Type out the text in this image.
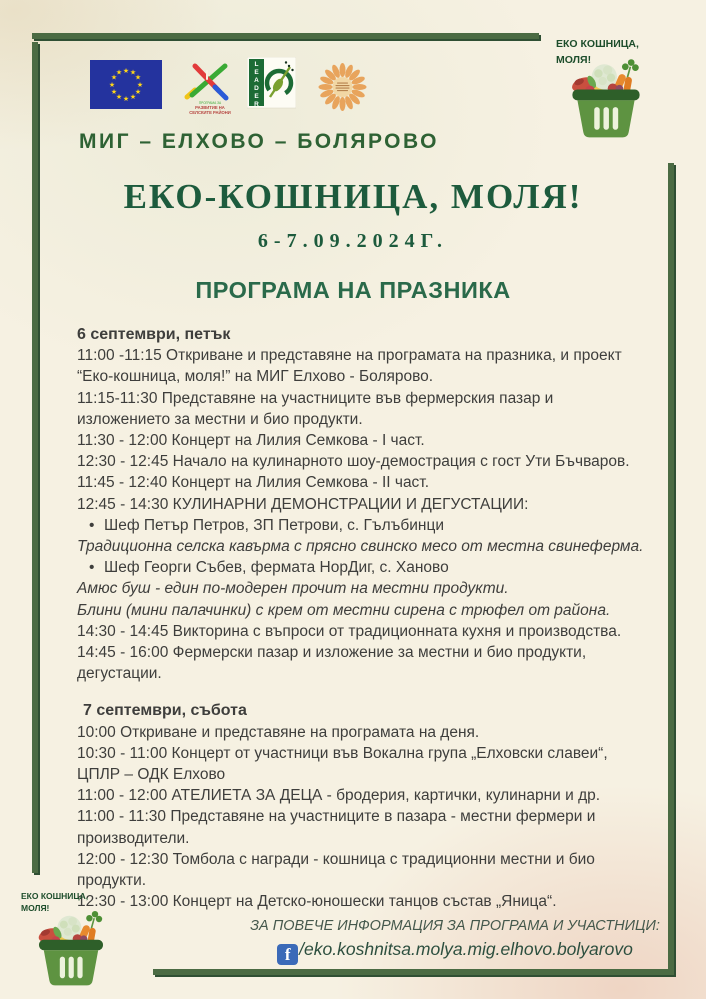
★ ★
★
★
★
★
★
★
★
★
★
★
ПРОГРАМА ЗА
РАЗВИТИЕ НА
СЕЛСКИТЕ РАЙОНИ
LEADER
МИГ – ЕЛХОВО – БОЛЯРОВО
ЕКО КОШНИЦА,
МОЛЯ!
ЕКО-КОШНИЦА, МОЛЯ!
6-7.09.2024Г.
ПРОГРАМА НА ПРАЗНИКА
6 септември, петък

11:00 -11:15 Откриване и представяне на програмата на празника, и проект

“Еко-кошница, моля!” на МИГ Елхово - Болярово.

11:15-11:30 Представяне на участниците във фермерския пазар и

изложението за местни и био продукти.

11:30 - 12:00 Концерт на Лилия Семкова - I част.

12:30 - 12:45 Начало на кулинарното шоу-демострация с гост Ути Бъчваров.

11:45 - 12:40 Концерт на Лилия Семкова - II част.

12:45 - 14:30 КУЛИНАРНИ ДЕМОНСТРАЦИИ И ДЕГУСТАЦИИ:

• Шеф Петър Петров, ЗП Петрови, с. Гълъбинци

Традиционна селска кавърма с прясно свинско месо от местна свинеферма.

• Шеф Георги Събев, фермата НорДиг, с. Ханово

Амюс буш - един по-модерен прочит на местни продукти.

Блини (мини палачинки) с крем от местни сирена с трюфел от района.

14:30 - 14:45 Викторина с въпроси от традиционната кухня и производства.

14:45 - 16:00 Фермерски пазар и изложение за местни и био продукти,

дегустации.

7 септември, събота

10:00 Откриване и представяне на програмата на деня.

10:30 - 11:00 Концерт от участници във Вокална група „Елховски славеи“,

ЦПЛР – ОДК Елхово

11:00 - 12:00 АТЕЛИЕТА ЗА ДЕЦА - бродерия, картички, кулинарни и др.

11:00 - 11:30 Представяне на участниците в пазара - местни фермери и

производители.

12:00 - 12:30 Томбола с награди - кошница с традиционни местни и био

продукти.

12:30 - 13:00 Концерт на Детско-юношески танцов състав „Яница“.

ЗА ПОВЕЧЕ ИНФОРМАЦИЯ ЗА ПРОГРАМА И УЧАСТНИЦИ:
f /eko.koshnitsa.molya.mig.elhovo.bolyarovo
ЕКО КОШНИЦА,
МОЛЯ!
